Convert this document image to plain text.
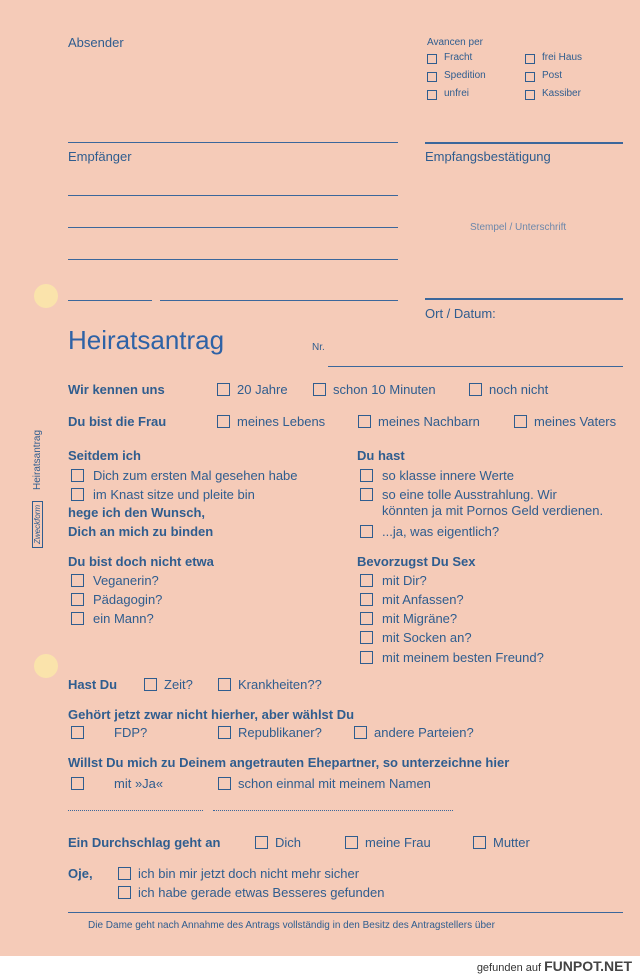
Heiratsantrag
Zweckform
Absender	Avancen per
Fracht	frei Haus
Spedition	Post
unfrei	Kassiber
Empfänger	Empfangsbestätigung
Stempel / Unterschrift
Ort / Datum:
Heiratsantrag	Nr.
Wir kennen uns	20 Jahre	schon 10 Minuten	noch nicht
Du bist die Frau	meines Lebens	meines Nachbarn	meines Vaters
Seitdem ich
Dich zum ersten Mal gesehen habe
im Knast sitze und pleite bin
hege ich den Wunsch,
Dich an mich zu binden
Du hast
so klasse innere Werte
so eine tolle Ausstrahlung. Wir
könnten ja mit Pornos Geld verdienen.
...ja, was eigentlich?
Du bist doch nicht etwa
Veganerin?
Pädagogin?
ein Mann?
Bevorzugst Du Sex
mit Dir?
mit Anfassen?
mit Migräne?
mit Socken an?
mit meinem besten Freund?
Hast Du	Zeit?	Krankheiten??
Gehört jetzt zwar nicht hierher, aber wählst Du
FDP?	Republikaner?	andere Parteien?
Willst Du mich zu Deinem angetrauten Ehepartner, so unterzeichne hier
mit »Ja«	schon einmal mit meinem Namen
Ein Durchschlag geht an	Dich	meine Frau	Mutter
Oje,	ich bin mir jetzt doch nicht mehr sicher
ich habe gerade etwas Besseres gefunden
Die Dame geht nach Annahme des Antrags vollständig in den Besitz des Antragstellers über
gefunden auf FUNPOT.NET
